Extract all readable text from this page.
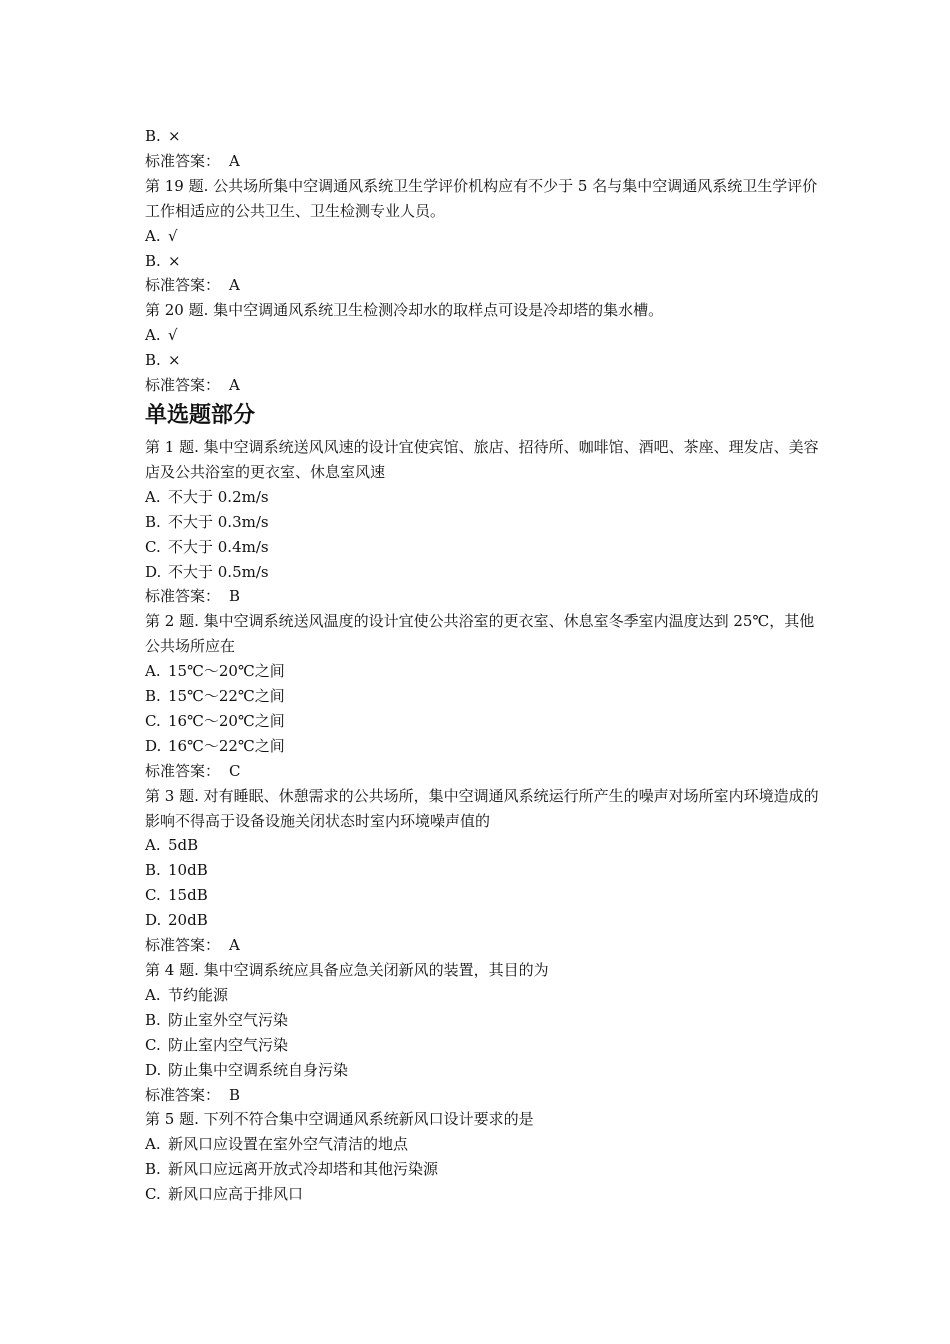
B. ×
标准答案： A
第 19 题. 公共场所集中空调通风系统卫生学评价机构应有不少于 5 名与集中空调通风系统卫生学评价工作相适应的公共卫生、卫生检测专业人员。
A. √
B. ×
标准答案： A
第 20 题. 集中空调通风系统卫生检测冷却水的取样点可设是冷却塔的集水槽。
A. √
B. ×
标准答案： A
单选题部分
第 1 题. 集中空调系统送风风速的设计宜使宾馆、旅店、招待所、咖啡馆、酒吧、茶座、理发店、美容店及公共浴室的更衣室、休息室风速
A. 不大于 0.2m/s
B. 不大于 0.3m/s
C. 不大于 0.4m/s
D. 不大于 0.5m/s
标准答案： B
第 2 题. 集中空调系统送风温度的设计宜使公共浴室的更衣室、休息室冬季室内温度达到 25℃，其他公共场所应在
A. 15℃～20℃之间
B. 15℃～22℃之间
C. 16℃～20℃之间
D. 16℃～22℃之间
标准答案： C
第 3 题. 对有睡眠、休憩需求的公共场所，集中空调通风系统运行所产生的噪声对场所室内环境造成的影响不得高于设备设施关闭状态时室内环境噪声值的
A. 5dB
B. 10dB
C. 15dB
D. 20dB
标准答案： A
第 4 题. 集中空调系统应具备应急关闭新风的装置，其目的为
A. 节约能源
B. 防止室外空气污染
C. 防止室内空气污染
D. 防止集中空调系统自身污染
标准答案： B
第 5 题. 下列不符合集中空调通风系统新风口设计要求的是
A. 新风口应设置在室外空气清洁的地点
B. 新风口应远离开放式冷却塔和其他污染源
C. 新风口应高于排风口
